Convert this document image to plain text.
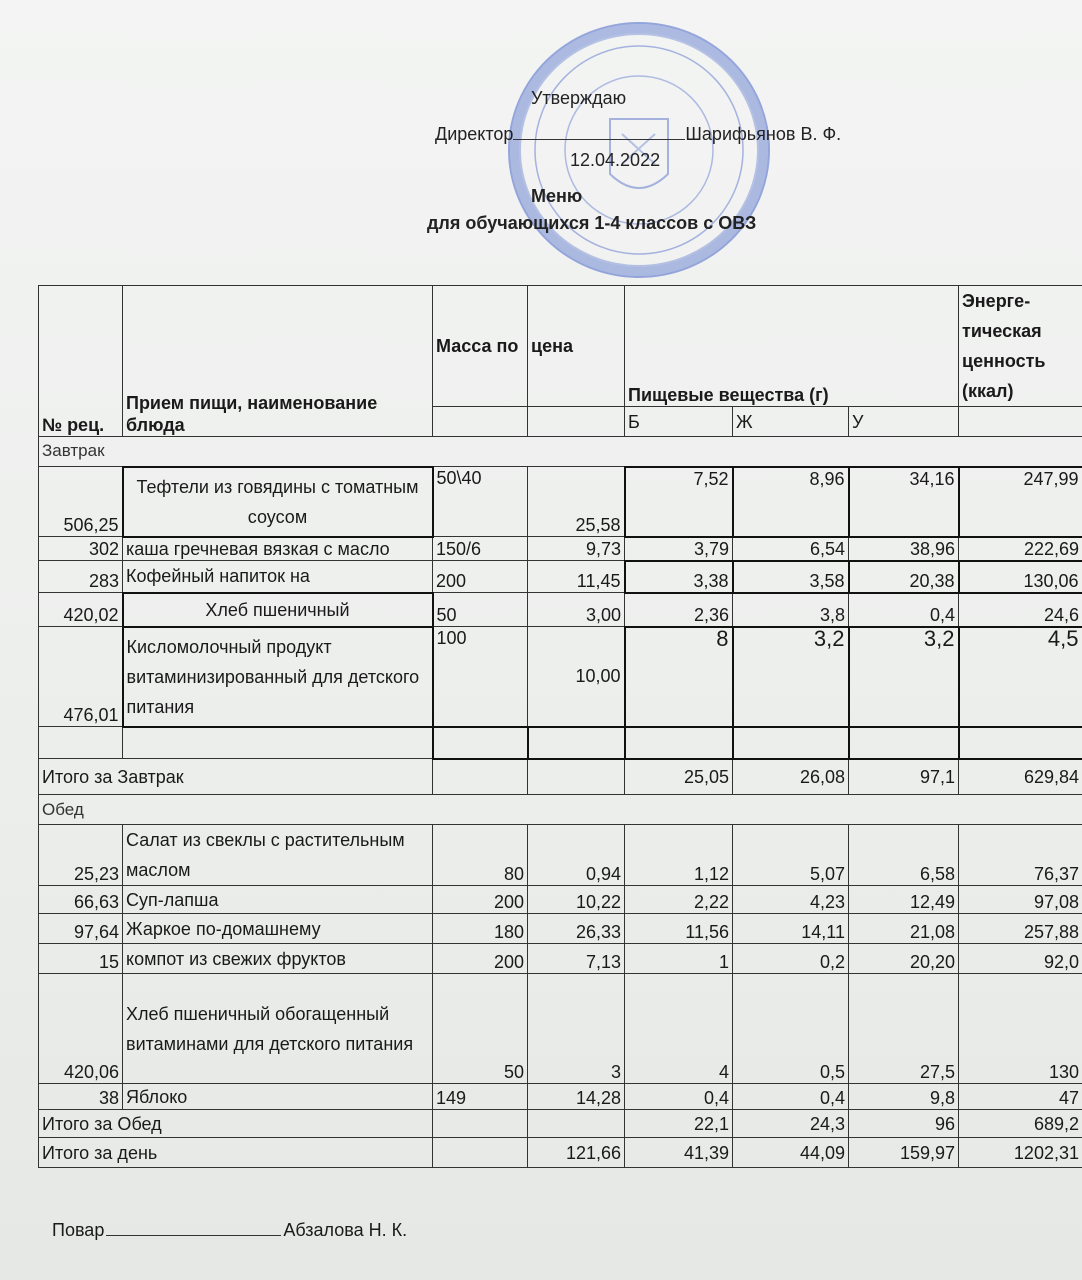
Утверждаю
Директор	Шарифьянов В. Ф.
12.04.2022
Меню
для обучающихся 1-4 классов с ОВЗ
№ рец.	Прием пищи, наименование блюда	Масса по	цена	Пищевые вещества (г)			Энерге-тическая ценность (ккал)
				Б	Ж	У	
Завтрак							
506,25	Тефтели из говядины с томатным соусом	50\40	25,58	7,52	8,96	34,16	247,99
302	каша гречневая вязкая с масло	150/6	9,73	3,79	6,54	38,96	222,69
283	Кофейный напиток на	200	11,45	3,38	3,58	20,38	130,06
420,02	Хлеб пшеничный	50	3,00	2,36	3,8	0,4	24,6
476,01	Кисломолочный продукт витаминизированный для детского питания	100	10,00	8	3,2	3,2	4,5

Итого за Завтрак				25,05	26,08	97,1	629,84
Обед							
25,23	Салат из свеклы с растительным маслом	80	0,94	1,12	5,07	6,58	76,37
66,63	Суп-лапша	200	10,22	2,22	4,23	12,49	97,08
97,64	Жаркое по-домашнему	180	26,33	11,56	14,11	21,08	257,88
15	компот из свежих фруктов	200	7,13	1	0,2	20,20	92,0
420,06	Хлеб пшеничный обогащенный витаминами для детского питания	50	3	4	0,5	27,5	130
38	Яблоко	149	14,28	0,4	0,4	9,8	47
Итого за Обед				22,1	24,3	96	689,2
Итого за день			121,66	41,39	44,09	159,97	1202,31
Повар	Абзалова Н. К.
